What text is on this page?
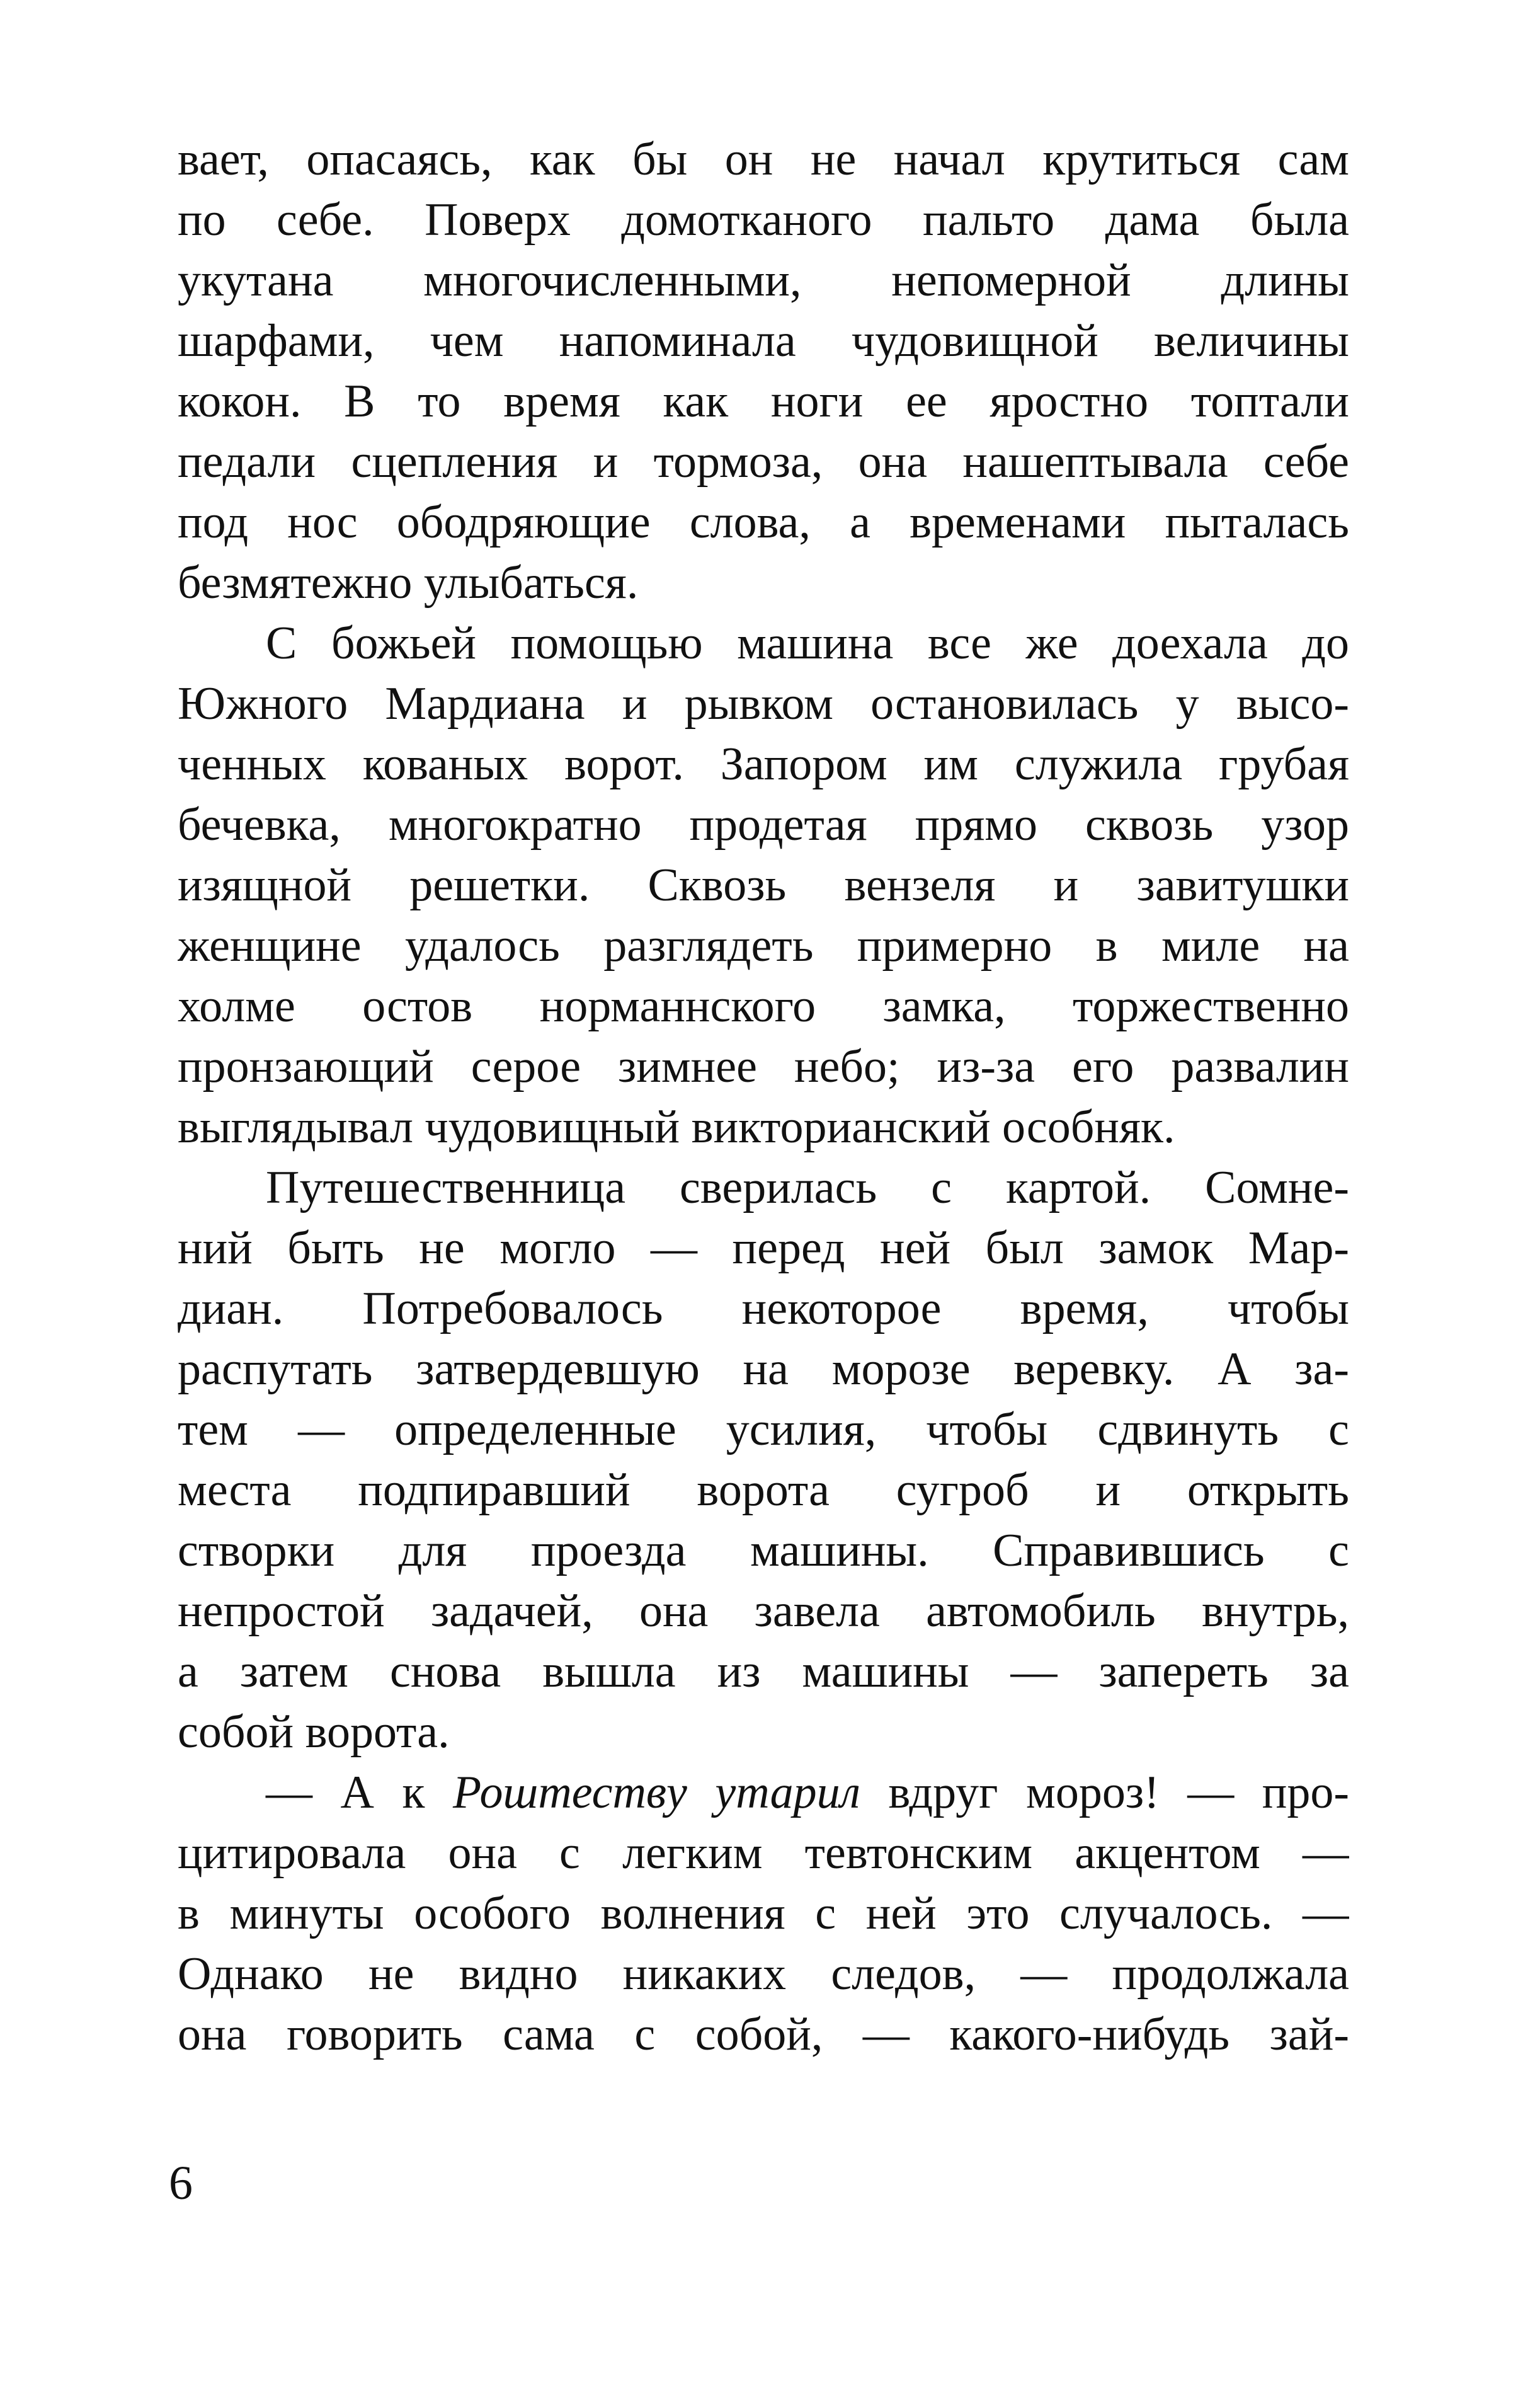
вает, опасаясь, как бы он не начал крутиться сам
по себе. Поверх домотканого пальто дама была
укутана многочисленными, непомерной длины
шарфами, чем напоминала чудовищной величины
кокон. В то время как ноги ее яростно топтали
педали сцепления и тормоза, она нашептывала себе
под нос ободряющие слова, а временами пыталась
безмятежно улыбаться.
С божьей помощью машина все же доехала до
Южного Мардиана и рывком остановилась у высо-
ченных кованых ворот. Запором им служила грубая
бечевка, многократно продетая прямо сквозь узор
изящной решетки. Сквозь вензеля и завитушки
женщине удалось разглядеть примерно в миле на
холме остов норманнского замка, торжественно
пронзающий серое зимнее небо; из-за его развалин
выглядывал чудовищный викторианский особняк.
Путешественница сверилась с картой. Сомне-
ний быть не могло — перед ней был замок Мар-
диан. Потребовалось некоторое время, чтобы
распутать затвердевшую на морозе веревку. А за-
тем — определенные усилия, чтобы сдвинуть с
места подпиравший ворота сугроб и открыть
створки для проезда машины. Справившись с
непростой задачей, она завела автомобиль внутрь,
а затем снова вышла из машины — запереть за
собой ворота.
— А к Роштеству утарил вдруг мороз! — про-
цитировала она с легким тевтонским акцентом —
в минуты особого волнения с ней это случалось. —
Однако не видно никаких следов, — продолжала
она говорить сама с собой, — какого-нибудь зай-
6
